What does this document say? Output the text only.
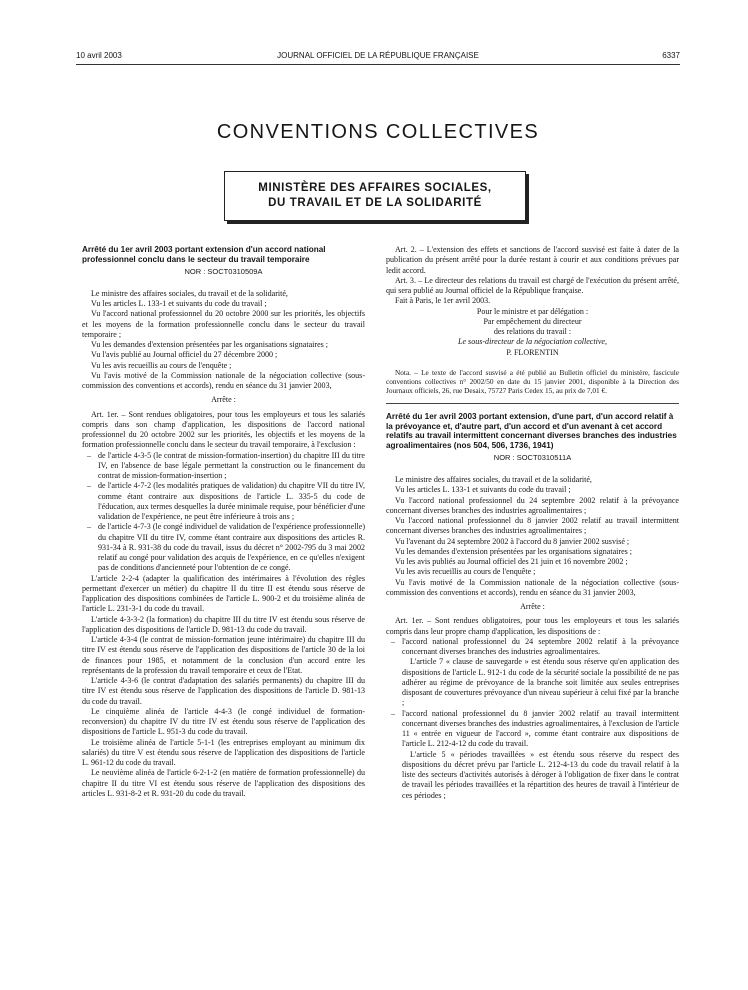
10 avril 2003	JOURNAL OFFICIEL DE LA RÉPUBLIQUE FRANÇAISE	6337
CONVENTIONS COLLECTIVES
MINISTÈRE DES AFFAIRES SOCIALES,
DU TRAVAIL ET DE LA SOLIDARITÉ

Arrêté du 1er avril 2003 portant extension d'un accord national professionnel conclu dans le secteur du travail temporaire

NOR : SOCT0310509A

Le ministre des affaires sociales, du travail et de la solidarité,

Vu les articles L. 133-1 et suivants du code du travail ;

Vu l'accord national professionnel du 20 octobre 2000 sur les priorités, les objectifs et les moyens de la formation professionnelle conclu dans le secteur du travail temporaire ;

Vu les demandes d'extension présentées par les organisations signataires ;

Vu l'avis publié au Journal officiel du 27 décembre 2000 ;

Vu les avis recueillis au cours de l'enquête ;

Vu l'avis motivé de la Commission nationale de la négociation collective (sous-commission des conventions et accords), rendu en séance du 31 janvier 2003,

Arrête :

Art. 1er. – Sont rendues obligatoires, pour tous les employeurs et tous les salariés compris dans son champ d'application, les dispositions de l'accord national professionnel du 20 octobre 2002 sur les priorités, les objectifs et les moyens de la formation professionnelle conclu dans le secteur du travail temporaire, à l'exclusion :

– de l'article 4-3-5 (le contrat de mission-formation-insertion) du chapitre III du titre IV, en l'absence de base légale permettant la construction ou le financement du contrat de mission-formation-insertion ;
– de l'article 4-7-2 (les modalités pratiques de validation) du chapitre VII du titre IV, comme étant contraire aux dispositions de l'article L. 335-5 du code de l'éducation, aux termes desquelles la durée minimale requise, pour bénéficier d'une validation de l'expérience, ne peut être inférieure à trois ans ;
– de l'article 4-7-3 (le congé individuel de validation de l'expérience professionnelle) du chapitre VII du titre IV, comme étant contraire aux dispositions des articles R. 931-34 à R. 931-38 du code du travail, issus du décret n° 2002-795 du 3 mai 2002 relatif au congé pour validation des acquis de l'expérience, en ce qu'elles n'exigent pas de conditions d'ancienneté pour l'obtention de ce congé.

L'article 2-2-4 (adapter la qualification des intérimaires à l'évolution des règles permettant d'exercer un métier) du chapitre II du titre II est étendu sous réserve de l'application des dispositions combinées de l'article L. 900-2 et du troisième alinéa de l'article L. 231-3-1 du code du travail.

L'article 4-3-3-2 (la formation) du chapitre III du titre IV est étendu sous réserve de l'application des dispositions de l'article D. 981-13 du code du travail.

L'article 4-3-4 (le contrat de mission-formation jeune intérimaire) du chapitre III du titre IV est étendu sous réserve de l'application des dispositions de l'article 30 de la loi de finances pour 1985, et notamment de la conclusion d'un accord entre les représentants de la profession du travail temporaire et ceux de l'Etat.

L'article 4-3-6 (le contrat d'adaptation des salariés permanents) du chapitre III du titre IV est étendu sous réserve de l'application des dispositions de l'article D. 981-13 du code du travail.

Le cinquième alinéa de l'article 4-4-3 (le congé individuel de formation-reconversion) du chapitre IV du titre IV est étendu sous réserve de l'application des dispositions de l'article L. 951-3 du code du travail.

Le troisième alinéa de l'article 5-1-1 (les entreprises employant au minimum dix salariés) du titre V est étendu sous réserve de l'application des dispositions de l'article L. 961-12 du code du travail.

Le neuvième alinéa de l'article 6-2-1-2 (en matière de formation professionnelle) du chapitre II du titre VI est étendu sous réserve de l'application des dispositions des articles L. 931-8-2 et R. 931-20 du code du travail.

Art. 2. – L'extension des effets et sanctions de l'accord susvisé est faite à dater de la publication du présent arrêté pour la durée restant à courir et aux conditions prévues par ledit accord.

Art. 3. – Le directeur des relations du travail est chargé de l'exécution du présent arrêté, qui sera publié au Journal officiel de la République française.

Fait à Paris, le 1er avril 2003.

Pour le ministre et par délégation :

Par empêchement du directeur

des relations du travail :

Le sous-directeur de la négociation collective,

P. FLORENTIN

Nota. – Le texte de l'accord susvisé a été publié au Bulletin officiel du ministère, fascicule conventions collectives n° 2002/50 en date du 15 janvier 2001, disponible à la Direction des Journaux officiels, 26, rue Desaix, 75727 Paris Cedex 15, au prix de 7,01 €.

Arrêté du 1er avril 2003 portant extension, d'une part, d'un accord relatif à la prévoyance et, d'autre part, d'un accord et d'un avenant à cet accord relatifs au travail intermittent concernant diverses branches des industries agroalimentaires (nos 504, 506, 1736, 1941)

NOR : SOCT0310511A

Le ministre des affaires sociales, du travail et de la solidarité,

Vu les articles L. 133-1 et suivants du code du travail ;

Vu l'accord national professionnel du 24 septembre 2002 relatif à la prévoyance concernant diverses branches des industries agroalimentaires ;

Vu l'accord national professionnel du 8 janvier 2002 relatif au travail intermittent concernant diverses branches des industries agroalimentaires ;

Vu l'avenant du 24 septembre 2002 à l'accord du 8 janvier 2002 susvisé ;

Vu les demandes d'extension présentées par les organisations signataires ;

Vu les avis publiés au Journal officiel des 21 juin et 16 novembre 2002 ;

Vu les avis recueillis au cours de l'enquête ;

Vu l'avis motivé de la Commission nationale de la négociation collective (sous-commission des conventions et accords), rendu en séance du 31 janvier 2003,

Arrête :

Art. 1er. – Sont rendues obligatoires, pour tous les employeurs et tous les salariés compris dans leur propre champ d'application, les dispositions de :

– l'accord national professionnel du 24 septembre 2002 relatif à la prévoyance concernant diverses branches des industries agroalimentaires.
L'article 7 « clause de sauvegarde » est étendu sous réserve qu'en application des dispositions de l'article L. 912-1 du code de la sécurité sociale la possibilité de ne pas adhérer au régime de prévoyance de la branche soit limitée aux seules entreprises disposant de couvertures prévoyance d'un niveau supérieur à celui fixé par la branche ;
– l'accord national professionnel du 8 janvier 2002 relatif au travail intermittent concernant diverses branches des industries agroalimentaires, à l'exclusion de l'article 11 « entrée en vigueur de l'accord », comme étant contraire aux dispositions de l'article L. 212-4-12 du code du travail.
L'article 5 « périodes travaillées » est étendu sous réserve du respect des dispositions du décret prévu par l'article L. 212-4-13 du code du travail relatif à la liste des secteurs d'activités autorisés à déroger à l'obligation de fixer dans le contrat de travail les périodes travaillées et la répartition des heures de travail à l'intérieur de ces périodes ;
